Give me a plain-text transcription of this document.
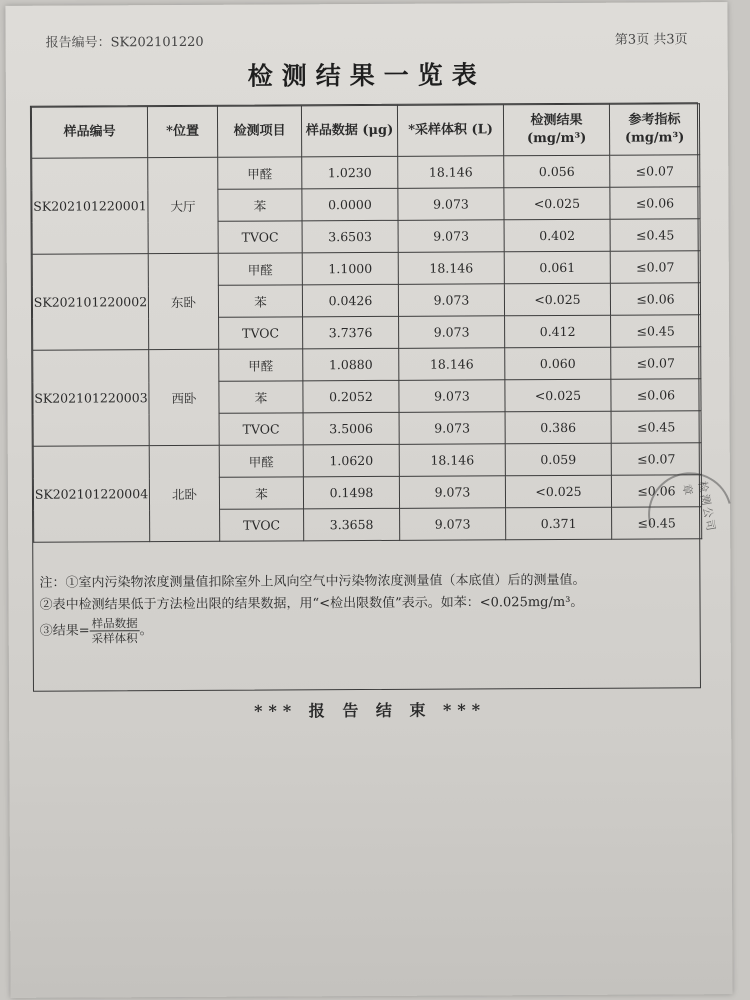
报告编号：SK202101220	第3页 共3页
检测结果一览表
样品编号	*位置	检测项目	样品数据 (μg)	*采样体积 (L)	检测结果 (mg/m³)	参考指标 (mg/m³)
SK202101220001	大厅	甲醛	1.0230	18.146	0.056	≤0.07
		苯	0.0000	9.073	<0.025	≤0.06
		TVOC	3.6503	9.073	0.402	≤0.45
SK202101220002	东卧	甲醛	1.1000	18.146	0.061	≤0.07
		苯	0.0426	9.073	<0.025	≤0.06
		TVOC	3.7376	9.073	0.412	≤0.45
SK202101220003	西卧	甲醛	1.0880	18.146	0.060	≤0.07
		苯	0.2052	9.073	<0.025	≤0.06
		TVOC	3.5006	9.073	0.386	≤0.45
SK202101220004	北卧	甲醛	1.0620	18.146	0.059	≤0.07
		苯	0.1498	9.073	<0.025	≤0.06
		TVOC	3.3658	9.073	0.371	≤0.45
注：①室内污染物浓度测量值扣除室外上风向空气中污染物浓度测量值（本底值）后的测量值。
②表中检测结果低于方法检出限的结果数据，用“<检出限数值”表示。如苯：<0.025mg/m³。
③结果= $\frac{\text{样品数据}}{\text{采样体积}}$ 。
*** 报 告 结 束 ***
检测公司 章
